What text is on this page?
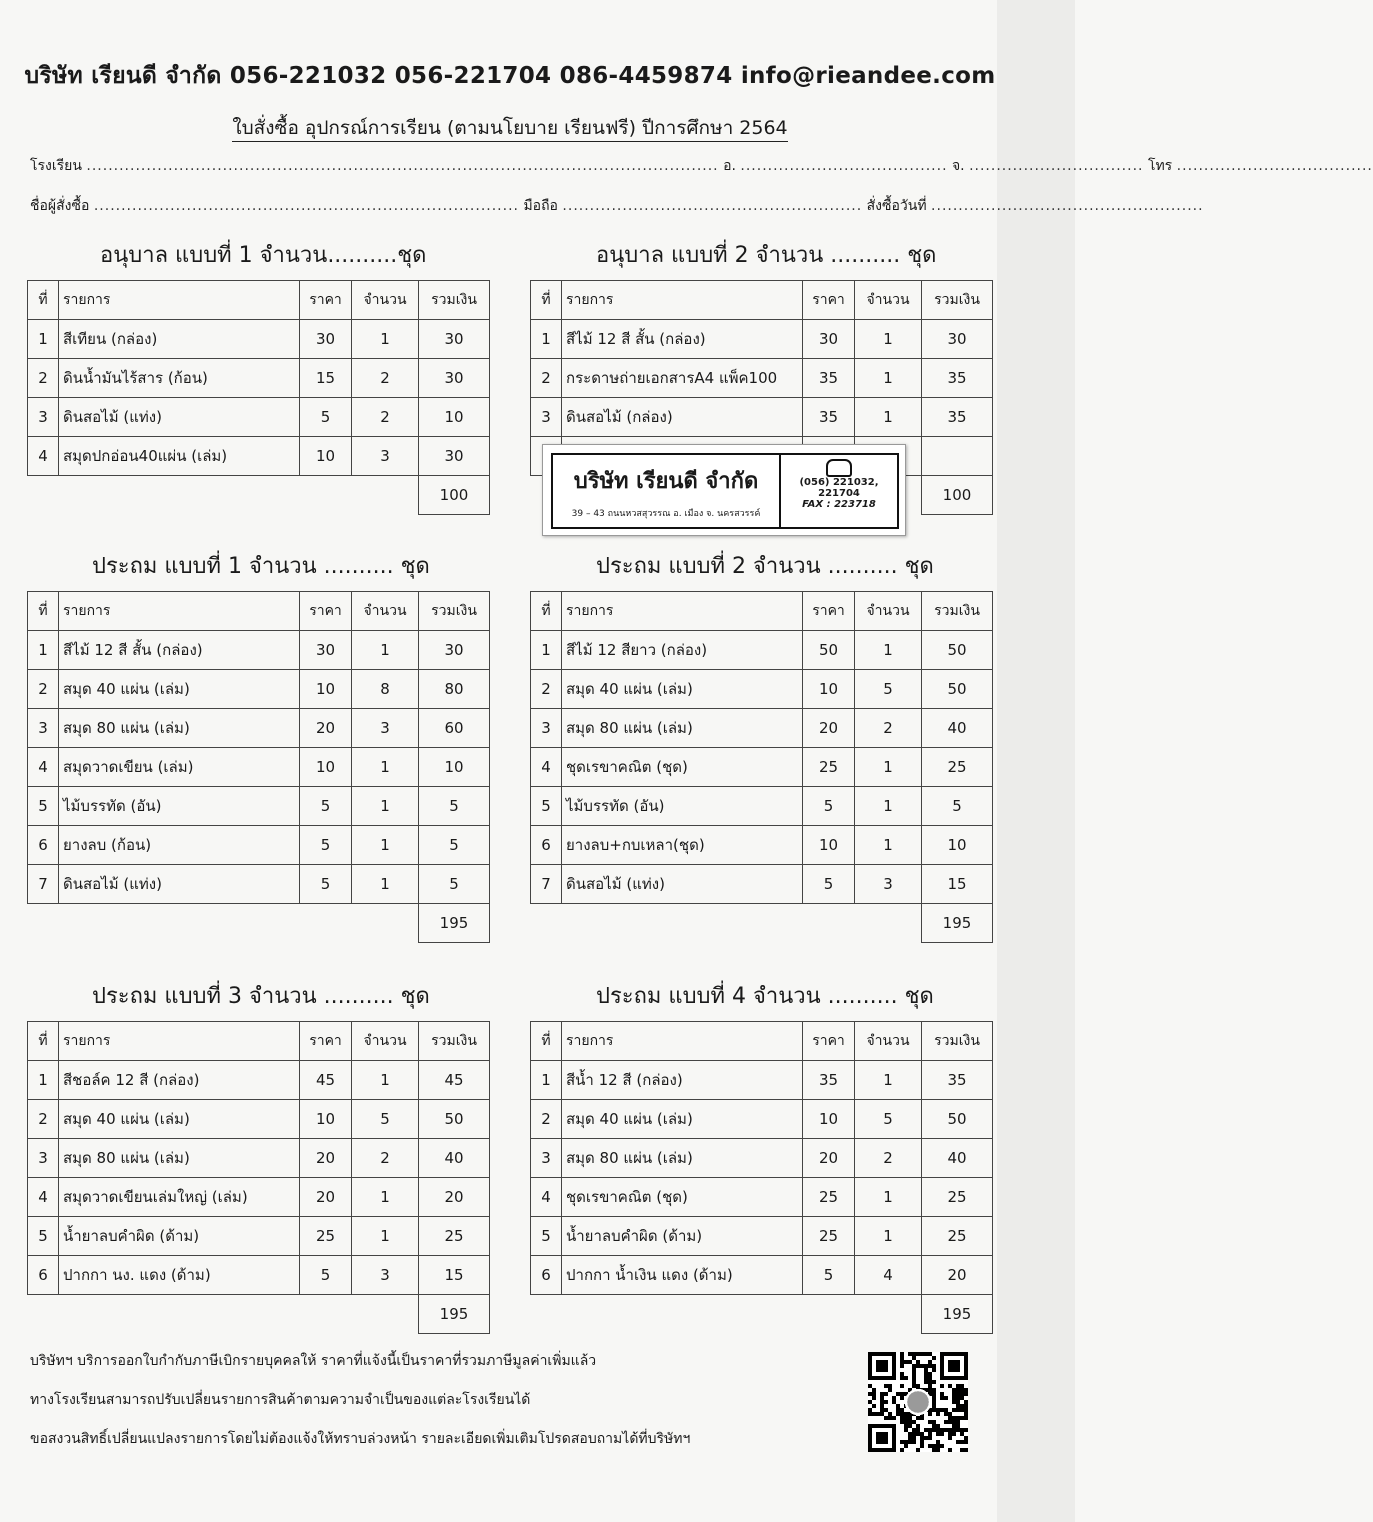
บริษัท เรียนดี จำกัด 056-221032 056-221704 086-4459874 info@rieandee.com
ใบสั่งซื้อ อุปกรณ์การเรียน (ตามนโยบาย เรียนฟรี) ปีการศึกษา 2564
โรงเรียน .................................................................................................................... อ. ...................................... จ. ................................ โทร ....................................
ชื่อผู้สั่งซื้อ .............................................................................. มือถือ ....................................................... สั่งซื้อวันที่ ..................................................
อนุบาล แบบที่ 1 จำนวน..........ชุด	อนุบาล แบบที่ 2 จำนวน .......... ชุด
ประถม แบบที่ 1 จำนวน .......... ชุด	ประถม แบบที่ 2 จำนวน .......... ชุด
ประถม แบบที่ 3 จำนวน .......... ชุด	ประถม แบบที่ 4 จำนวน .......... ชุด
ที่	รายการ	ราคา	จำนวน	รวมเงิน
1	สีเทียน (กล่อง)	30	1	30
2	ดินน้ำมันไร้สาร (ก้อน)	15	2	30
3	ดินสอไม้ (แท่ง)	5	2	10
4	สมุดปกอ่อน40แผ่น (เล่ม)	10	3	30
				100
ที่	รายการ	ราคา	จำนวน	รวมเงิน
1	สีไม้ 12 สี สั้น (กล่อง)	30	1	30
2	กระดาษถ่ายเอกสารA4 แพ็ค100	35	1	35
3	ดินสอไม้ (กล่อง)	35	1	35

				100
ที่	รายการ	ราคา	จำนวน	รวมเงิน
1	สีไม้ 12 สี สั้น (กล่อง)	30	1	30
2	สมุด 40 แผ่น (เล่ม)	10	8	80
3	สมุด 80 แผ่น (เล่ม)	20	3	60
4	สมุดวาดเขียน (เล่ม)	10	1	10
5	ไม้บรรทัด (อัน)	5	1	5
6	ยางลบ (ก้อน)	5	1	5
7	ดินสอไม้ (แท่ง)	5	1	5
				195
ที่	รายการ	ราคา	จำนวน	รวมเงิน
1	สีไม้ 12 สียาว (กล่อง)	50	1	50
2	สมุด 40 แผ่น (เล่ม)	10	5	50
3	สมุด 80 แผ่น (เล่ม)	20	2	40
4	ชุดเรขาคณิต (ชุด)	25	1	25
5	ไม้บรรทัด (อัน)	5	1	5
6	ยางลบ+กบเหลา(ชุด)	10	1	10
7	ดินสอไม้ (แท่ง)	5	3	15
				195
ที่	รายการ	ราคา	จำนวน	รวมเงิน
1	สีชอล์ค 12 สี (กล่อง)	45	1	45
2	สมุด 40 แผ่น (เล่ม)	10	5	50
3	สมุด 80 แผ่น (เล่ม)	20	2	40
4	สมุดวาดเขียนเล่มใหญ่ (เล่ม)	20	1	20
5	น้ำยาลบคำผิด (ด้าม)	25	1	25
6	ปากกา นง. แดง (ด้าม)	5	3	15
				195
ที่	รายการ	ราคา	จำนวน	รวมเงิน
1	สีน้ำ 12 สี (กล่อง)	35	1	35
2	สมุด 40 แผ่น (เล่ม)	10	5	50
3	สมุด 80 แผ่น (เล่ม)	20	2	40
4	ชุดเรขาคณิต (ชุด)	25	1	25
5	น้ำยาลบคำผิด (ด้าม)	25	1	25
6	ปากกา น้ำเงิน แดง (ด้าม)	5	4	20
				195
บริษัท เรียนดี จำกัด
39 – 43 ถนนหวสสุวรรณ อ. เมือง จ. นครสวรรค์
(056) 221032,
221704
FAX : 223718
บริษัทฯ บริการออกใบกำกับภาษีเบิกรายบุคคลให้ ราคาที่แจ้งนี้เป็นราคาที่รวมภาษีมูลค่าเพิ่มแล้ว
ทางโรงเรียนสามารถปรับเปลี่ยนรายการสินค้าตามความจำเป็นของแต่ละโรงเรียนได้
ขอสงวนสิทธิ์เปลี่ยนแปลงรายการโดยไม่ต้องแจ้งให้ทราบล่วงหน้า รายละเอียดเพิ่มเติมโปรดสอบถามได้ที่บริษัทฯ
